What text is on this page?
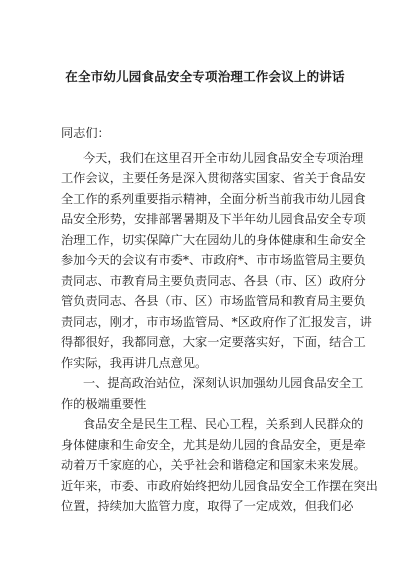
在全市幼儿园食品安全专项治理工作会议上的讲话
同志们：
今天，我们在这里召开全市幼儿园食品安全专项治理
工作会议，主要任务是深入贯彻落实国家、省关于食品安
全工作的系列重要指示精神，全面分析当前我市幼儿园食
品安全形势，安排部署暑期及下半年幼儿园食品安全专项
治理工作，切实保障广大在园幼儿的身体健康和生命安全
参加今天的会议有市委*、市政府*、市市场监管局主要负
责同志、市教育局主要负责同志、各县（市、区）政府分
管负责同志、各县（市、区）市场监管局和教育局主要负
责同志，刚才，市市场监管局、*区政府作了汇报发言，讲
得都很好，我都同意，大家一定要落实好，下面，结合工
作实际，我再讲几点意见。
一、提高政治站位，深刻认识加强幼儿园食品安全工
作的极端重要性
食品安全是民生工程、民心工程，关系到人民群众的
身体健康和生命安全，尤其是幼儿园的食品安全，更是牵
动着万千家庭的心，关乎社会和谐稳定和国家未来发展。
近年来，市委、市政府始终把幼儿园食品安全工作摆在突出
位置，持续加大监管力度，取得了一定成效，但我们必
